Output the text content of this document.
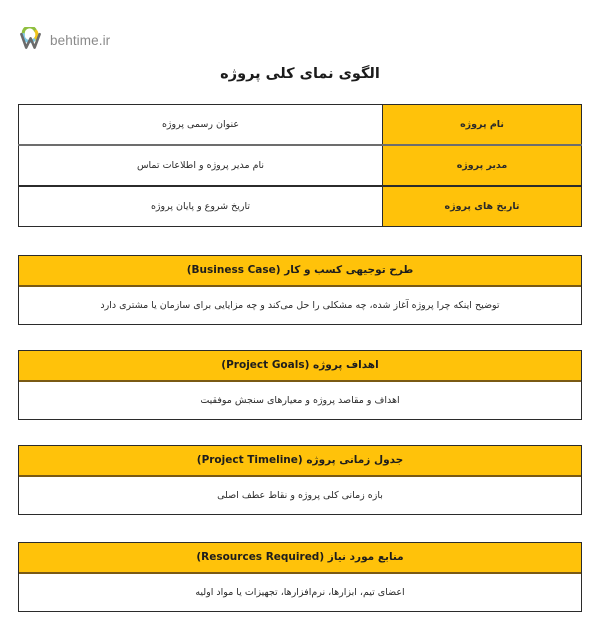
behtime.ir
الگوی نمای کلی پروژه
نام پروژه	عنوان رسمی پروژه
مدیر پروژه	نام مدیر پروژه و اطلاعات تماس
تاریخ های پروژه	تاریخ شروع و پایان پروژه
طرح توجیهی کسب و کار (Business Case)
توضیح اینکه چرا پروژه آغاز شده، چه مشکلی را حل می‌کند و چه مزایایی برای سازمان یا مشتری دارد
اهداف پروژه (Project Goals)
اهداف و مقاصد پروژه و معیارهای سنجش موفقیت
جدول زمانی پروژه (Project Timeline)
بازه زمانی کلی پروژه و نقاط عطف اصلی
منابع مورد نیاز (Resources Required)
اعضای تیم، ابزارها، نرم‌افزارها، تجهیزات یا مواد اولیه
